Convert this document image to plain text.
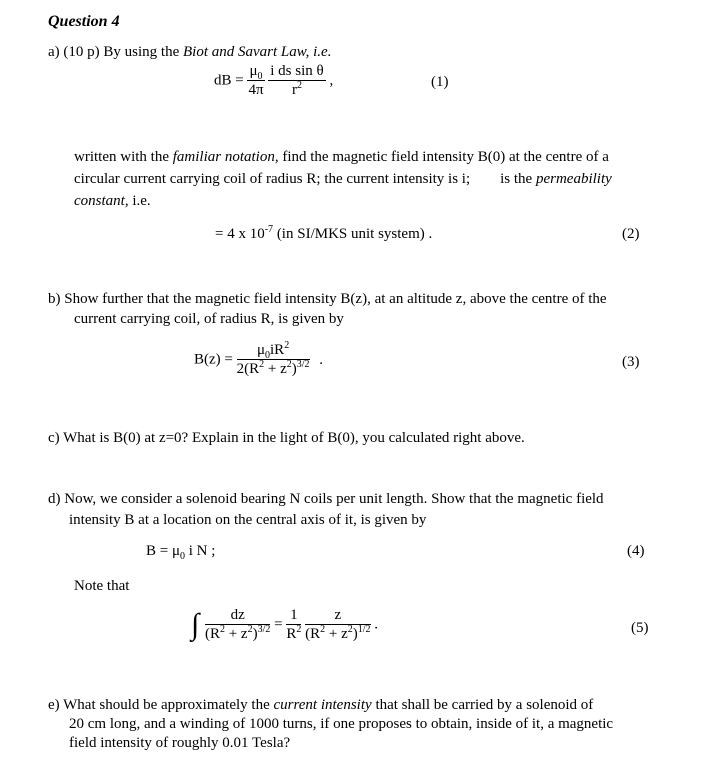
Question 4
a) (10 p) By using the Biot and Savart Law, i.e.
dB = $\frac{\mu_0}{4\pi}$
$\frac{\text{i ds sin θ}}{r^2}$ ,	(1)
written with the familiar notation, find the magnetic field intensity B(0) at the centre of a
circular current carrying coil of radius R; the current intensity is i; is the permeability
constant, i.e.
= 4 x $10^{-7}$ (in SI/MKS unit system) .	(2)
b) Show further that the magnetic field intensity B(z), at an altitude z, above the centre of the
current carrying coil, of radius R, is given by
$B(z) = \frac{\mu_0iR^2}{2(R^2 + z^2)^{3/2}}$ .	(3)
c) What is B(0) at z=0? Explain in the light of B(0), you calculated right above.
d) Now, we consider a solenoid bearing N coils per unit length. Show that the magnetic field
intensity B at a location on the central axis of it, is given by
$B = \mu_0$ i N ;	(4)
Note that
∫ $\frac{dz}{(R^2 + z^2)^{3/2}} = \frac{1}{R^2}$
$\frac{z}{(R^2 + z^2)^{1/2}}$ .	(5)
e) What should be approximately the current intensity that shall be carried by a solenoid of
20 cm long, and a winding of 1000 turns, if one proposes to obtain, inside of it, a magnetic
field intensity of roughly 0.01 Tesla?
